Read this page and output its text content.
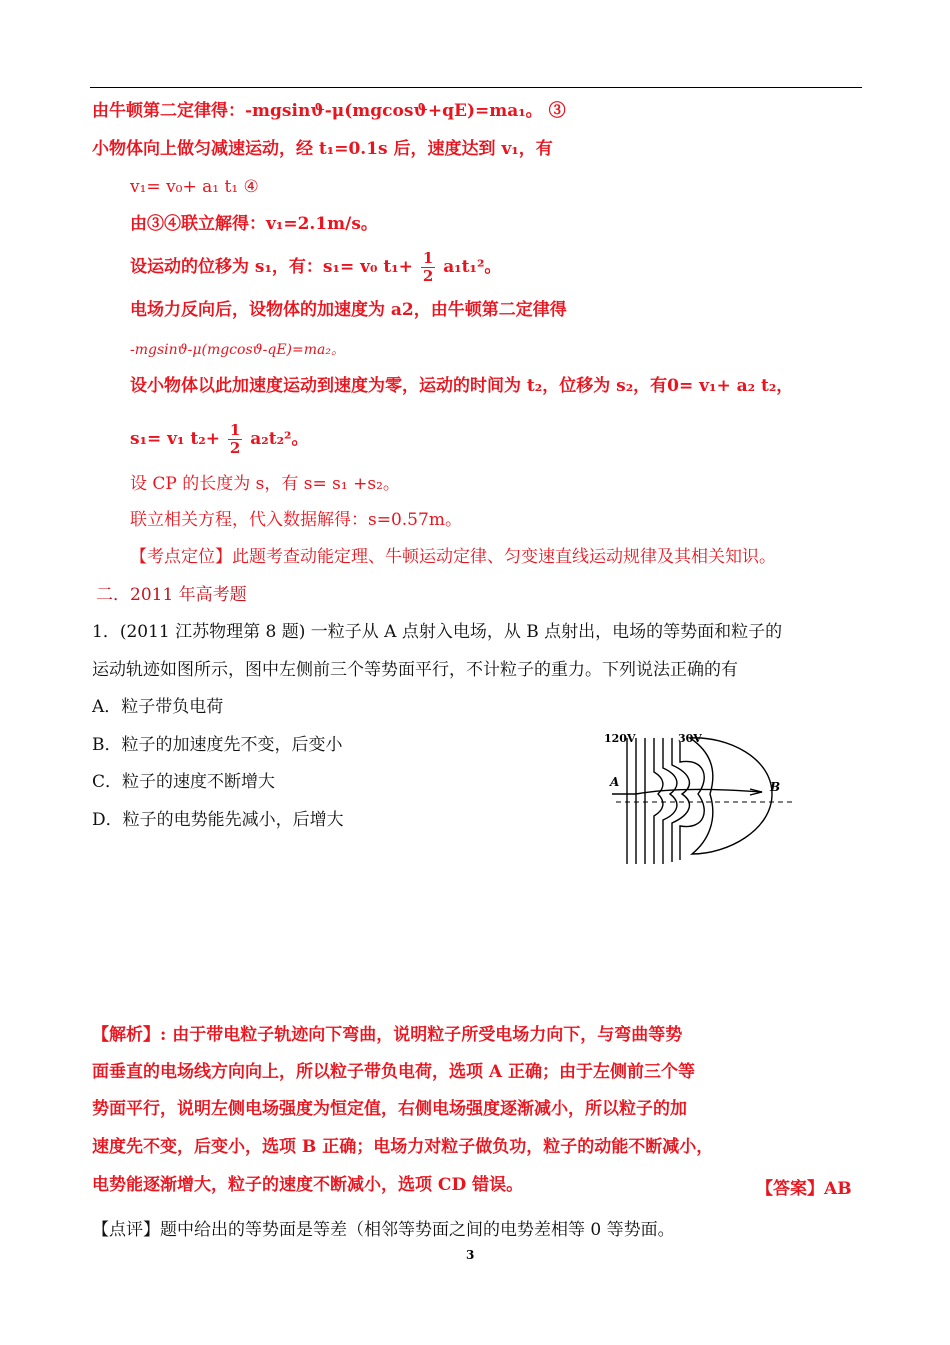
由牛顿第二定律得：-mgsinϑ-μ(mgcosϑ+qE)=ma₁。 ③
小物体向上做匀减速运动，经 t₁=0.1s 后，速度达到 v₁，有
v₁= v₀+ a₁ t₁ ④
由③④联立解得：v₁=2.1m/s。
设运动的位移为 s₁，有：s₁= v₀ $t_1+ \frac{1}{2} a_1t_1^2$。
电场力反向后，设物体的加速度为 a2，由牛顿第二定律得
-mgsinϑ-μ(mgcosϑ-qE)=ma₂。
设小物体以此加速度运动到速度为零，运动的时间为 t₂，位移为 s₂，有0= v₁+ a₂ t₂，
s₁= v₁ $t_2+ \frac{1}{2} a_2t_2^2$。
设 CP 的长度为 s，有 s= s₁ +s₂。
联立相关方程，代入数据解得：s=0.57m。
【考点定位】此题考查动能定理、牛顿运动定律、匀变速直线运动规律及其相关知识。
二．2011 年高考题
1．(2011 江苏物理第 8 题) 一粒子从 A 点射入电场，从 B 点射出，电场的等势面和粒子的
运动轨迹如图所示，图中左侧前三个等势面平行，不计粒子的重力。下列说法正确的有
A．粒子带负电荷
B．粒子的加速度先不变，后变小
C．粒子的速度不断增大
D．粒子的电势能先减小，后增大
120V	30V
A	B
【解析】: 由于带电粒子轨迹向下弯曲，说明粒子所受电场力向下，与弯曲等势
面垂直的电场线方向向上，所以粒子带负电荷，选项 A 正确；由于左侧前三个等
势面平行，说明左侧电场强度为恒定值，右侧电场强度逐渐减小，所以粒子的加
速度先不变，后变小，选项 B 正确；电场力对粒子做负功，粒子的动能不断减小，
电势能逐渐增大，粒子的速度不断减小，选项 CD 错误。	【答案】AB
【点评】题中给出的等势面是等差（相邻等势面之间的电势差相等 0 等势面。
3
